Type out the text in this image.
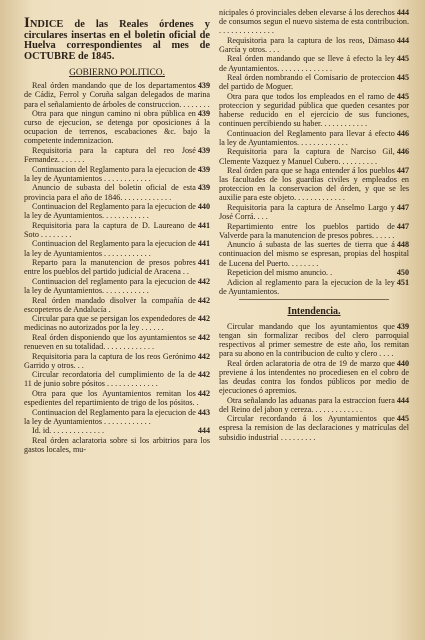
INDICE de las Reales órdenes y circulares insertas en el boletin oficial de Huelva correspondientes al mes de OCTUBRE de 1845.

GOBIERNO POLITICO.

439
Real órden mandando que de los departamentos de Cádiz, Ferrol y Coruña salgan delegados de marina para el señalamiento de árboles de construccion. . . . . . . .

439
Otra para que ningun camino ni obra pública en curso de ejecucion, se detenga por oposiciones á la ocupacion de terrenos, escabaciones &c. bajo la competente indemnizacion.

439
Requisitoria para la captura del reo José Fernandez. . . . . . .

439
Continuacion del Reglamento para la ejecucion de la ley de Ayuntamientos . . . . . . . . . . . .

439
Anuncio de subasta del boletin oficial de esta provincia para el año de 1846. . . . . . . . . . . . .

440
Continuacion del Reglamento para la ejecucion de la ley de Ayuntamientos. . . . . . . . . . . .

441
Requisitoria para la captura de D. Laureano de Soto . . . . . . . .

441
Continuacion del Reglamento para la ejecucion de la ley de Ayuntamientos . . . . . . . . . . . .

441
Reparto para la manutencion de presos pobres entre los pueblos del partido judicial de Aracena . .

442
Continuacion del reglamento para la ejecucion de la ley de Ayuntamientos. . . . . . . . . . . .

442
Real órden mandado disolver la compañía de escopeteros de Andalucía .

442
Circular para que se persigan los expendedores de medicinas no autorizados por la ley . . . . . .

442
Real órden disponiendo que los ayuntamientos se renueven en su totalidad. . . . . . . . . . . . .

442
Requisitoria para la captura de los reos Gerónimo Garrido y otros. . .

442
Circular recordatoria del cumplimiento de la de 11 de junio sobre pósitos . . . . . . . . . . . . .

442
Otra para que los Ayuntamientos remitan los espedientes del repartimiento de trigo de los pósitos. .

443
Continuacion del Reglamento para la ejecucion de la ley de Ayuntamientos . . . . . . . . . . . .

444
Id. id. . . . . . . . . . . . . .

Real órden aclaratoria sobre si los arbitrios para los gastos locales, mu-

444
nicipales ó provinciales deben elevarse á los derechos de consumos segun el nuevo sistema de esta contribucion. . . . . . . . . . . . . . .

444
Requisitoria para la captura de los reos, Dámaso García y otros. . . .

445
Real órden mandando que se lleve á efecto la ley de Ayuntamientos. . . . . . . . . . . . . .

445
Real órden nombrando el Comisario de proteccion del partido de Moguer.

445
Otra para que todos los empleados en el ramo de proteccion y seguridad pública que queden cesantes por haberse reducido en el ejercicio de sus funciones, continuen percibiendo su haber. . . . . . . . . . . .

446
Continuacion del Reglamento para llevar á efecto la ley de Ayuntamientos. . . . . . . . . . . . .

446
Requisitoria para la captura de Narciso Gil, Clemente Vazquez y Manuel Cubero. . . . . . . . . .

447
Real órden para que se haga entender á los pueblos las facultades de los guardias civiles y empleados en proteccion en la conservacion del órden, y que se les auxilie para este objeto. . . . . . . . . . . . .

447
Requisitoria para la captura de Anselmo Largo y José Corrá. . . .

447
Repartimiento entre los pueblos partido de Valverde para la manutencion de presos pobres. . . . . .

448
Anuncio á subasta de las suertes de tierra que á continuacion del mismo se espresan, propias del hospital de Lucena del Puerto. . . . . . . .

450
Repeticion del mismo anuncio. .

451
Adicion al reglamento para la ejecucion de la ley de Ayuntamientos.

Intendencia.

439
Circular mandando que los ayuntamientos que tengan sin formalizar recibos del clero parroquial respectivos al primer semestre de este año, los remitan para su abono en la contribucion de culto y clero . . . .

440
Real órden aclaratoria de otra de 19 de marzo que previene á los intendentes no procediesen en el cobro de las deudas contra los fondos públicos por medio de ejecuciones ó apremios.

444
Otra señalando las aduanas para la estraccion fuera del Reino del jabon y cereza. . . . . . . . . . . . .

445
Circular recordando á los Ayuntamientos que espresa la remision de las declaraciones y matrículas del subsidio industrial . . . . . . . . .
